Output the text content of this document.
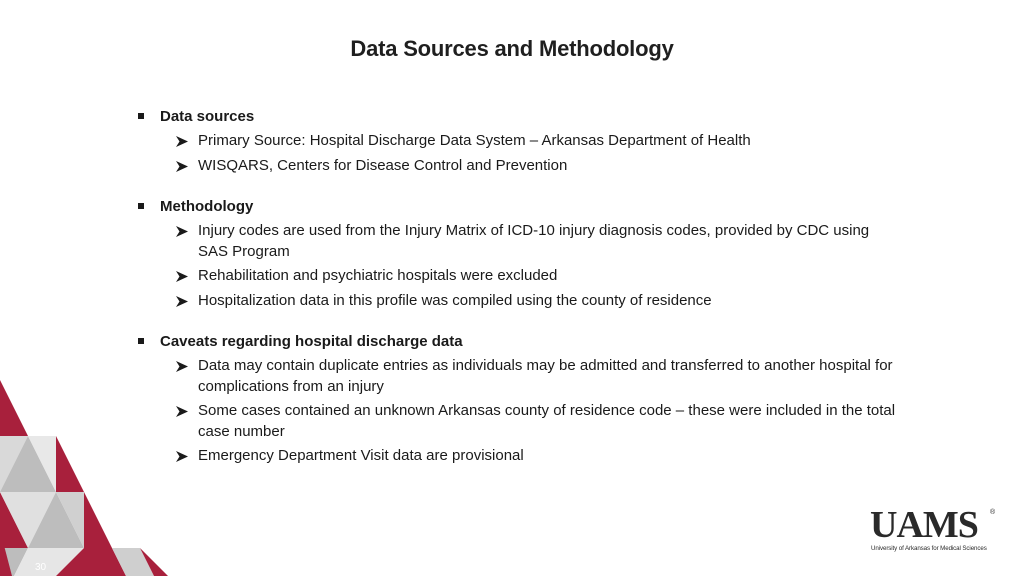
Data Sources and Methodology
Data sources
Primary Source: Hospital Discharge Data System – Arkansas Department of Health
WISQARS, Centers for Disease Control and Prevention
Methodology
Injury codes are used from the Injury Matrix of ICD-10 injury diagnosis codes, provided by CDC using SAS Program
Rehabilitation and psychiatric hospitals were excluded
Hospitalization data in this profile was compiled using the county of residence
Caveats regarding hospital discharge data
Data may contain duplicate entries as individuals may be admitted and transferred to another hospital for complications from an injury
Some cases contained an unknown Arkansas county of residence code – these were included in the total case number
Emergency Department Visit data are provisional
30
UAMS ®
University of Arkansas for Medical Sciences
